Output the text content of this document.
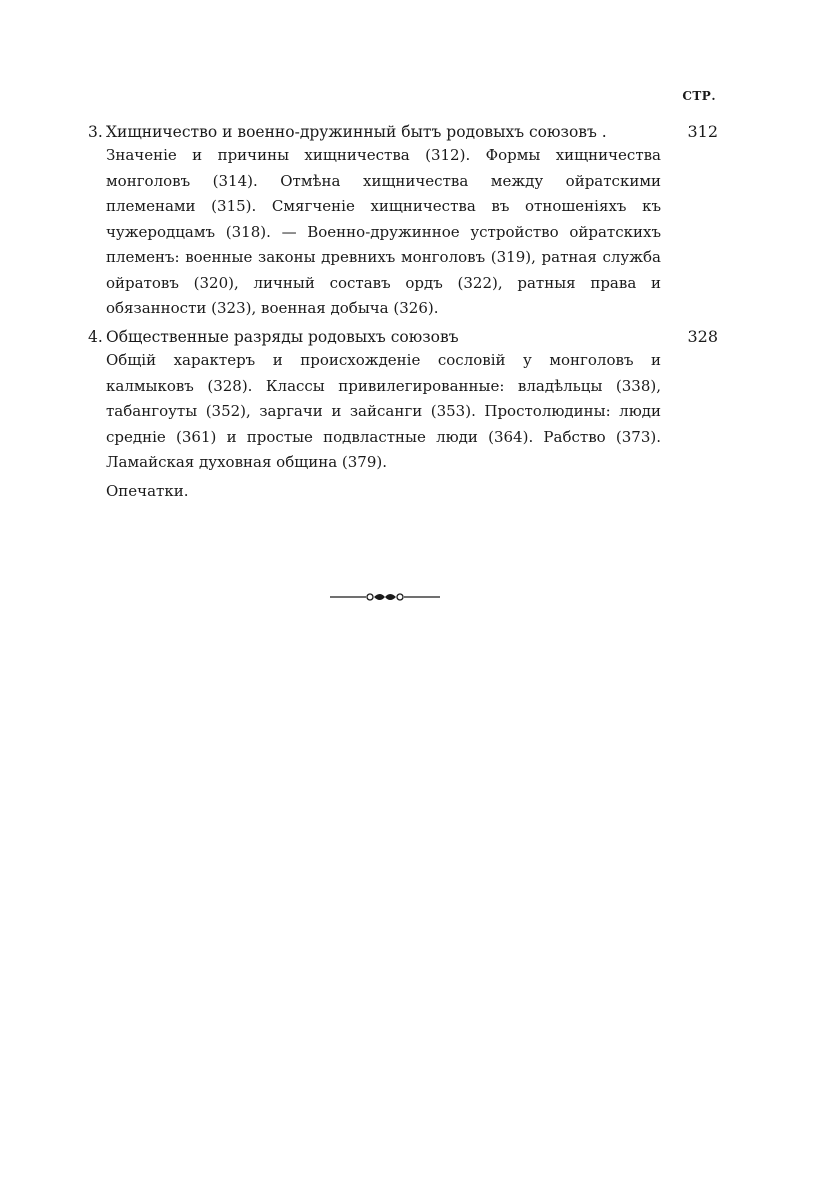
СТР.
3. Хищничество и военно-дружинный бытъ родовыхъ союзовъ .	312
Значеніе и причины хищничества (312). Формы хищничества монголовъ (314). Отмѣна хищничества между ойратскими племенами (315). Смягченіе хищничества въ отношеніяхъ къ чужеродцамъ (318). — Военно-дружинное устройство ойратскихъ племенъ: военные законы древнихъ монголовъ (319), ратная служба ойратовъ (320), личный составъ ордъ (322), ратныя права и обязанности (323), военная добыча (326).
4. Общественные разряды родовыхъ союзовъ	328
Общій характеръ и происхожденіе сословій у монголовъ и калмыковъ (328). Классы привилегированные: владѣльцы (338), табангоуты (352), заргачи и зайсанги (353). Простолюдины: люди средніе (361) и простые подвластные люди (364). Рабство (373). Ламайская духовная община (379).
Опечатки.
